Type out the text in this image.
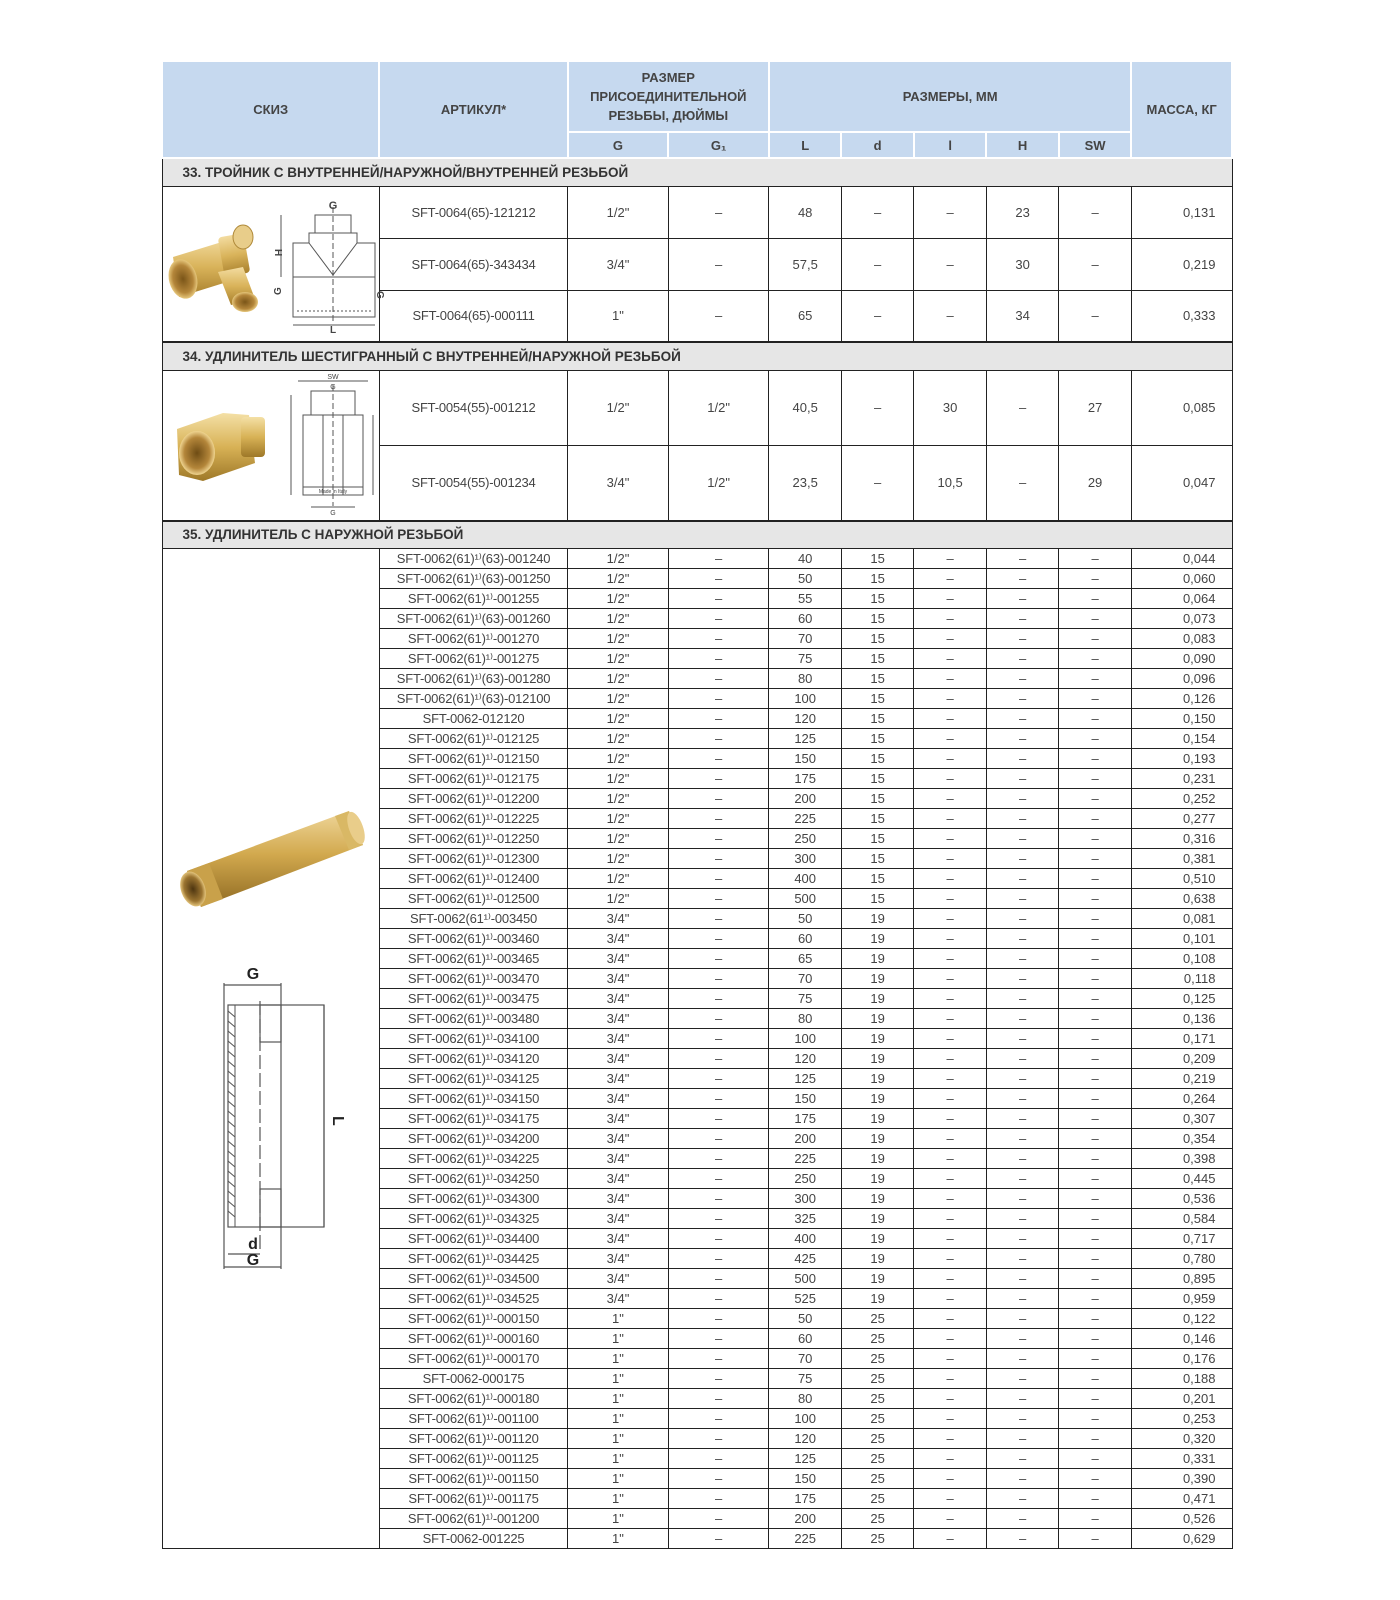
СКИЗ	АРТИКУЛ*	РАЗМЕР ПРИСОЕДИНИТЕЛЬНОЙ РЕЗЬБЫ, ДЮЙМЫ		РАЗМЕРЫ, ММ					МАССА, КГ
		G	G₁	L	d	l	H	SW	
33. ТРОЙНИК С ВНУТРЕННЕЙ/НАРУЖНОЙ/ВНУТРЕННЕЙ РЕЗЬБОЙ									

G
H
G G
L	SFT-0064(65)-121212	1/2"	–	48	–	–	23	–	0,131
	SFT-0064(65)-343434	3/4"	–	57,5	–	–	30	–	0,219
	SFT-0064(65)-000111	1"	–	65	–	–	34	–	0,333
34. УДЛИНИТЕЛЬ ШЕСТИГРАННЫЙ С ВНУТРЕННЕЙ/НАРУЖНОЙ РЕЗЬБОЙ									

SW
G
G
Made in Italy	SFT-0054(55)-001212	1/2"	1/2"	40,5	–	30	–	27	0,085
	SFT-0054(55)-001234	3/4"	1/2"	23,5	–	10,5	–	29	0,047
35. УДЛИНИТЕЛЬ С НАРУЖНОЙ РЕЗЬБОЙ									

G
L
d
G	SFT-0062(61)¹⁾(63)-001240	1/2"	–	40	15	–	–	–	0,044
	SFT-0062(61)¹⁾(63)-001250	1/2"	–	50	15	–	–	–	0,060
	SFT-0062(61)¹⁾-001255	1/2"	–	55	15	–	–	–	0,064
	SFT-0062(61)¹⁾(63)-001260	1/2"	–	60	15	–	–	–	0,073
	SFT-0062(61)¹⁾-001270	1/2"	–	70	15	–	–	–	0,083
	SFT-0062(61)¹⁾-001275	1/2"	–	75	15	–	–	–	0,090
	SFT-0062(61)¹⁾(63)-001280	1/2"	–	80	15	–	–	–	0,096
	SFT-0062(61)¹⁾(63)-012100	1/2"	–	100	15	–	–	–	0,126
	SFT-0062-012120	1/2"	–	120	15	–	–	–	0,150
	SFT-0062(61)¹⁾-012125	1/2"	–	125	15	–	–	–	0,154
	SFT-0062(61)¹⁾-012150	1/2"	–	150	15	–	–	–	0,193
	SFT-0062(61)¹⁾-012175	1/2"	–	175	15	–	–	–	0,231
	SFT-0062(61)¹⁾-012200	1/2"	–	200	15	–	–	–	0,252
	SFT-0062(61)¹⁾-012225	1/2"	–	225	15	–	–	–	0,277
	SFT-0062(61)¹⁾-012250	1/2"	–	250	15	–	–	–	0,316
	SFT-0062(61)¹⁾-012300	1/2"	–	300	15	–	–	–	0,381
	SFT-0062(61)¹⁾-012400	1/2"	–	400	15	–	–	–	0,510
	SFT-0062(61)¹⁾-012500	1/2"	–	500	15	–	–	–	0,638
	SFT-0062(61¹⁾-003450	3/4"	–	50	19	–	–	–	0,081
	SFT-0062(61)¹⁾-003460	3/4"	–	60	19	–	–	–	0,101
	SFT-0062(61)¹⁾-003465	3/4"	–	65	19	–	–	–	0,108
	SFT-0062(61)¹⁾-003470	3/4"	–	70	19	–	–	–	0,118
	SFT-0062(61)¹⁾-003475	3/4"	–	75	19	–	–	–	0,125
	SFT-0062(61)¹⁾-003480	3/4"	–	80	19	–	–	–	0,136
	SFT-0062(61)¹⁾-034100	3/4"	–	100	19	–	–	–	0,171
	SFT-0062(61)¹⁾-034120	3/4"	–	120	19	–	–	–	0,209
	SFT-0062(61)¹⁾-034125	3/4"	–	125	19	–	–	–	0,219
	SFT-0062(61)¹⁾-034150	3/4"	–	150	19	–	–	–	0,264
	SFT-0062(61)¹⁾-034175	3/4"	–	175	19	–	–	–	0,307
	SFT-0062(61)¹⁾-034200	3/4"	–	200	19	–	–	–	0,354
	SFT-0062(61)¹⁾-034225	3/4"	–	225	19	–	–	–	0,398
	SFT-0062(61)¹⁾-034250	3/4"	–	250	19	–	–	–	0,445
	SFT-0062(61)¹⁾-034300	3/4"	–	300	19	–	–	–	0,536
	SFT-0062(61)¹⁾-034325	3/4"	–	325	19	–	–	–	0,584
	SFT-0062(61)¹⁾-034400	3/4"	–	400	19	–	–	–	0,717
	SFT-0062(61)¹⁾-034425	3/4"	–	425	19	–	–	–	0,780
	SFT-0062(61)¹⁾-034500	3/4"	–	500	19	–	–	–	0,895
	SFT-0062(61)¹⁾-034525	3/4"	–	525	19	–	–	–	0,959
	SFT-0062(61)¹⁾-000150	1"	–	50	25	–	–	–	0,122
	SFT-0062(61)¹⁾-000160	1"	–	60	25	–	–	–	0,146
	SFT-0062(61)¹⁾-000170	1"	–	70	25	–	–	–	0,176
	SFT-0062-000175	1"	–	75	25	–	–	–	0,188
	SFT-0062(61)¹⁾-000180	1"	–	80	25	–	–	–	0,201
	SFT-0062(61)¹⁾-001100	1"	–	100	25	–	–	–	0,253
	SFT-0062(61)¹⁾-001120	1"	–	120	25	–	–	–	0,320
	SFT-0062(61)¹⁾-001125	1"	–	125	25	–	–	–	0,331
	SFT-0062(61)¹⁾-001150	1"	–	150	25	–	–	–	0,390
	SFT-0062(61)¹⁾-001175	1"	–	175	25	–	–	–	0,471
	SFT-0062(61)¹⁾-001200	1"	–	200	25	–	–	–	0,526
	SFT-0062-001225	1"	–	225	25	–	–	–	0,629
